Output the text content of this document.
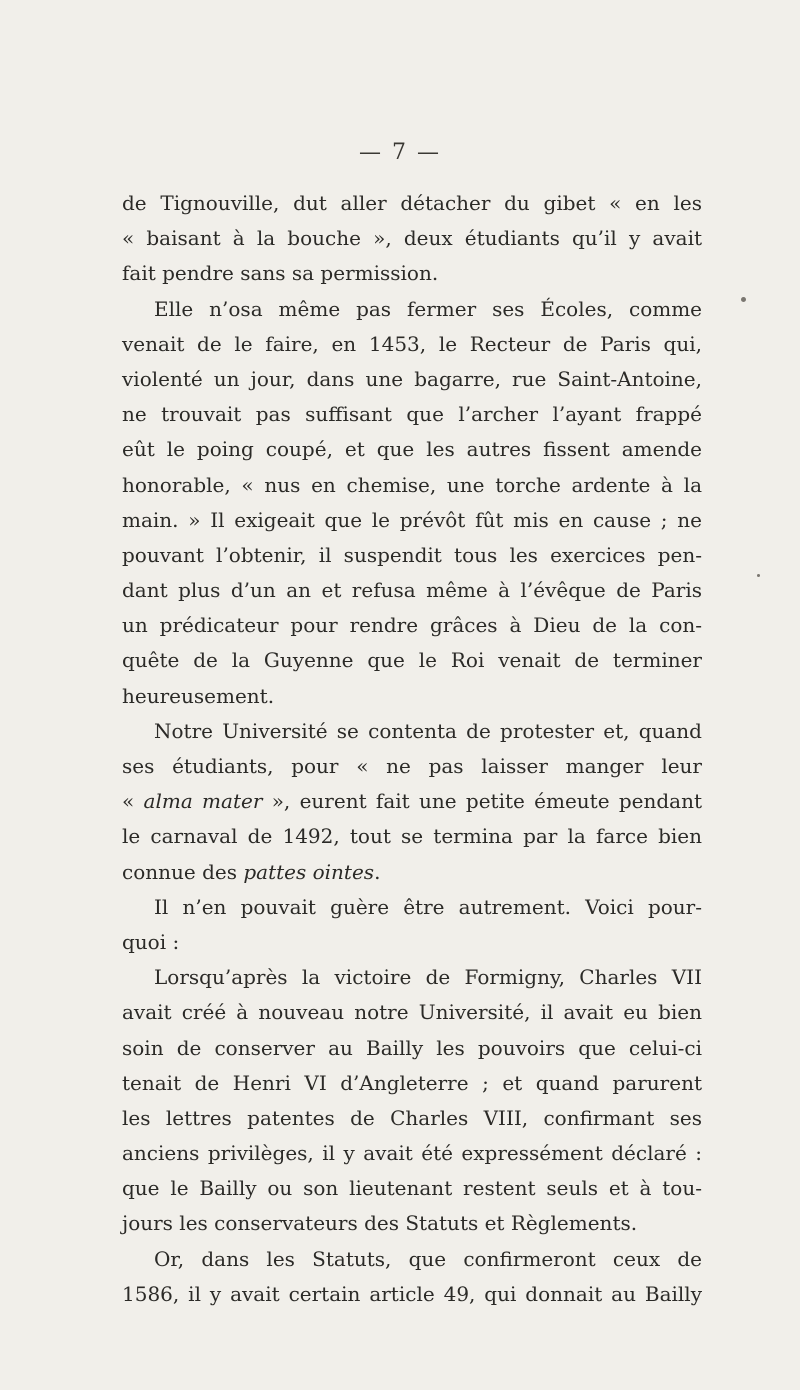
— 7 —
de Tignouville, dut aller détacher du gibet « en les
« baisant à la bouche », deux étudiants qu’il y avait
fait pendre sans sa permission.
Elle n’osa même pas fermer ses Écoles, comme
venait de le faire, en 1453, le Recteur de Paris qui,
violenté un jour, dans une bagarre, rue Saint-Antoine,
ne trouvait pas suffisant que l’archer l’ayant frappé
eût le poing coupé, et que les autres fissent amende
honorable, « nus en chemise, une torche ardente à la
main. » Il exigeait que le prévôt fût mis en cause ; ne
pouvant l’obtenir, il suspendit tous les exercices pen-
dant plus d’un an et refusa même à l’évêque de Paris
un prédicateur pour rendre grâces à Dieu de la con-
quête de la Guyenne que le Roi venait de terminer
heureusement.
Notre Université se contenta de protester et, quand
ses étudiants, pour « ne pas laisser manger leur
« alma mater », eurent fait une petite émeute pendant
le carnaval de 1492, tout se termina par la farce bien
connue des pattes ointes.
Il n’en pouvait guère être autrement. Voici pour-
quoi :
Lorsqu’après la victoire de Formigny, Charles VII
avait créé à nouveau notre Université, il avait eu bien
soin de conserver au Bailly les pouvoirs que celui-ci
tenait de Henri VI d’Angleterre ; et quand parurent
les lettres patentes de Charles VIII, confirmant ses
anciens privilèges, il y avait été expressément déclaré :
que le Bailly ou son lieutenant restent seuls et à tou-
jours les conservateurs des Statuts et Règlements.
Or, dans les Statuts, que confirmeront ceux de
1586, il y avait certain article 49, qui donnait au Bailly
